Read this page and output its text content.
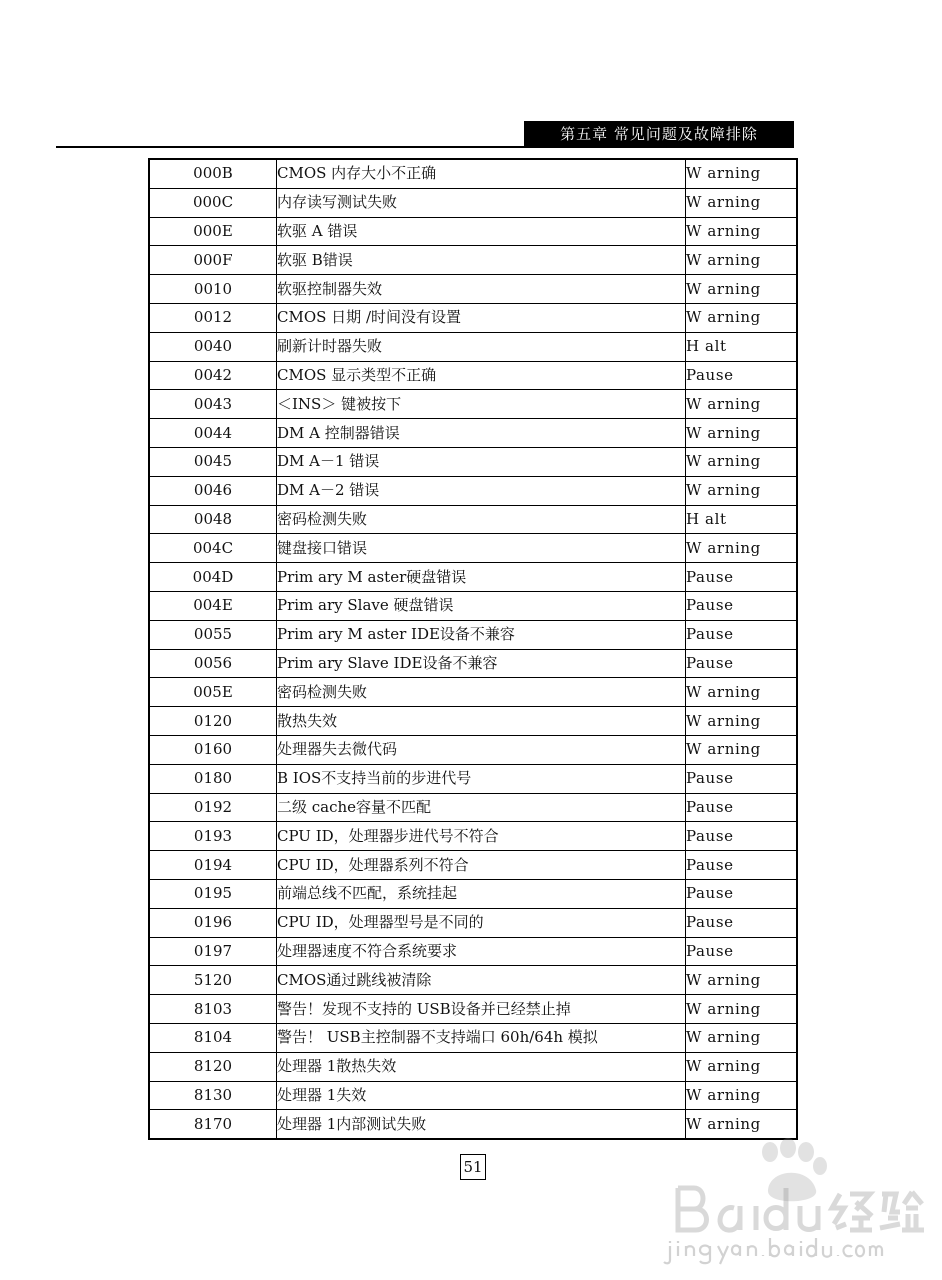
第五章 常见问题及故障排除
000B	CMOS 内存大小不正确	W arning
000C	内存读写测试失败	W arning
000E	软驱 A 错误	W arning
000F	软驱 B错误	W arning
0010	软驱控制器失效	W arning
0012	CMOS 日期 /时间没有设置	W arning
0040	刷新计时器失败	H alt
0042	CMOS 显示类型不正确	Pause
0043	＜INS＞ 键被按下	W arning
0044	DM A 控制器错误	W arning
0045	DM A－1 错误	W arning
0046	DM A－2 错误	W arning
0048	密码检测失败	H alt
004C	键盘接口错误	W arning
004D	Prim ary M aster硬盘错误	Pause
004E	Prim ary Slave 硬盘错误	Pause
0055	Prim ary M aster IDE设备不兼容	Pause
0056	Prim ary Slave IDE设备不兼容	Pause
005E	密码检测失败	W arning
0120	散热失效	W arning
0160	处理器失去微代码	W arning
0180	B IOS不支持当前的步进代号	Pause
0192	二级 cache容量不匹配	Pause
0193	CPU ID，处理器步进代号不符合	Pause
0194	CPU ID，处理器系列不符合	Pause
0195	前端总线不匹配，系统挂起	Pause
0196	CPU ID，处理器型号是不同的	Pause
0197	处理器速度不符合系统要求	Pause
5120	CMOS通过跳线被清除	W arning
8103	警告！发现不支持的 USB设备并已经禁止掉	W arning
8104	警告！ USB主控制器不支持端口 60h/64h 模拟	W arning
8120	处理器 1散热失效	W arning
8130	处理器 1失效	W arning
8170	处理器 1内部测试失败	W arning
51
